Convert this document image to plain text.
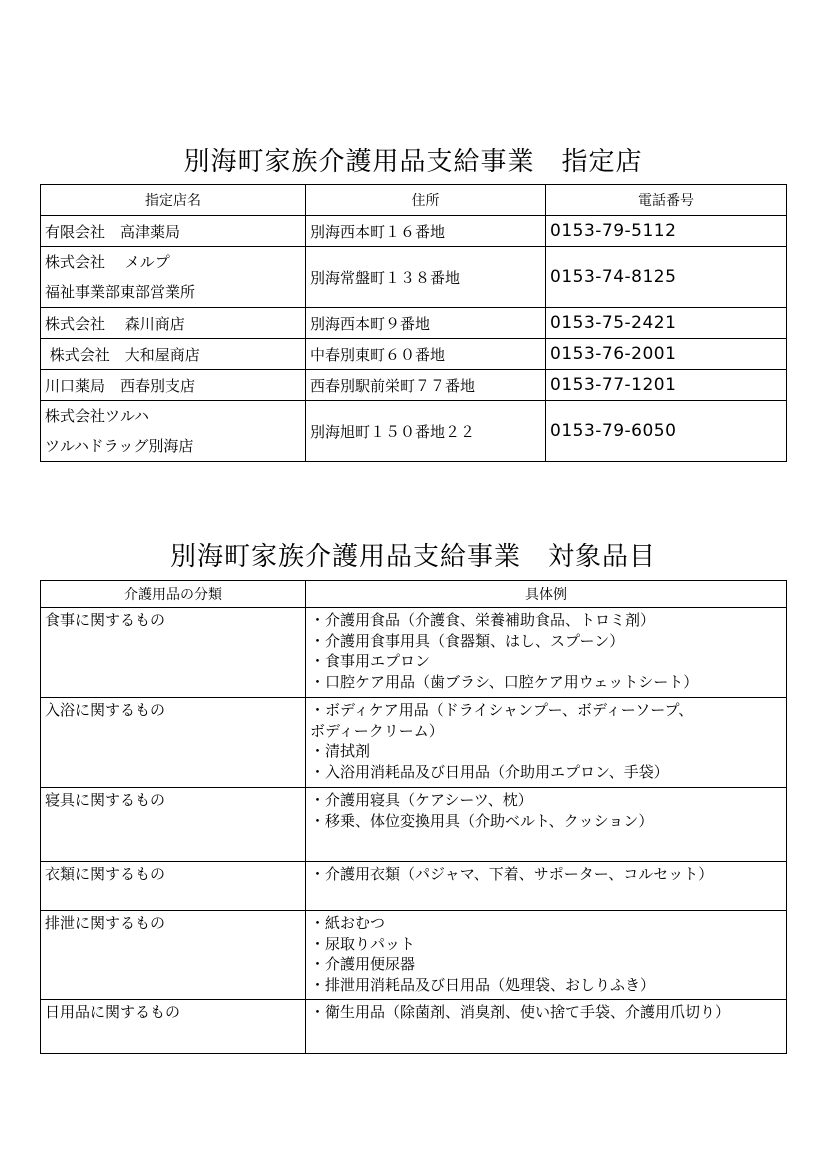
別海町家族介護用品支給事業　指定店
指定店名	住所	電話番号
有限会社　高津薬局	別海西本町１６番地	0153-79-5112

株式会社　 メルプ
福祉事業部東部営業所	別海常盤町１３８番地	0153-74-8125
株式会社　 森川商店	別海西本町９番地	0153-75-2421
株式会社　大和屋商店	中春別東町６０番地	0153-76-2001
川口薬局　西春別支店	西春別駅前栄町７７番地	0153-77-1201

株式会社ツルハ
ツルハドラッグ別海店	別海旭町１５０番地２２	0153-79-6050
別海町家族介護用品支給事業　対象品目
介護用品の分類	具体例
食事に関するもの	・介護用食品（介護食、栄養補助食品、トロミ剤）
・介護用食事用具（食器類、はし、スプーン）
・食事用エプロン
・口腔ケア用品（歯ブラシ、口腔ケア用ウェットシート）

入浴に関するもの	・ボディケア用品（ドライシャンプー、ボディーソープ、
ボディークリーム）
・清拭剤
・入浴用消耗品及び日用品（介助用エプロン、手袋）

寝具に関するもの	・介護用寝具（ケアシーツ、枕）
・移乗、体位変換用具（介助ベルト、クッション）

衣類に関するもの	・介護用衣類（パジャマ、下着、サポーター、コルセット）

排泄に関するもの	・紙おむつ
・尿取りパット
・介護用便尿器
・排泄用消耗品及び日用品（処理袋、おしりふき）

日用品に関するもの	・衛生用品（除菌剤、消臭剤、使い捨て手袋、介護用爪切り）
